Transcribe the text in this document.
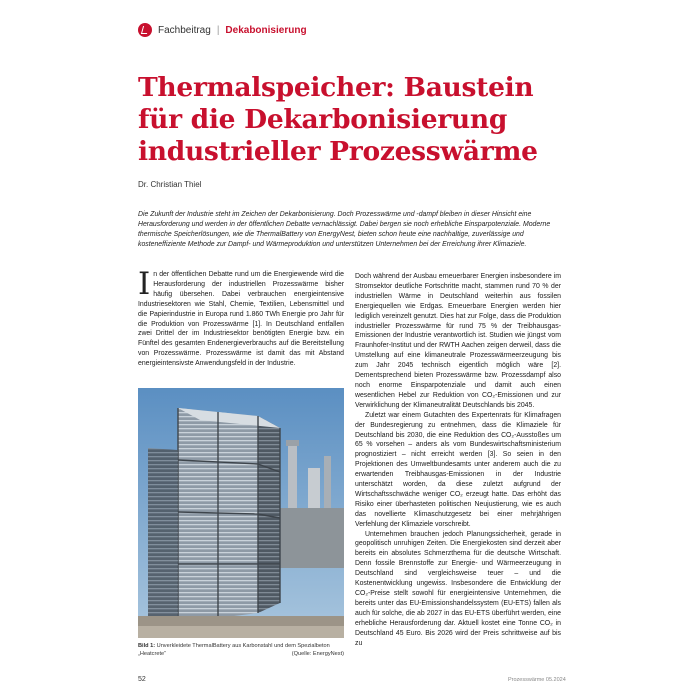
Fachbeitrag | Dekabonisierung
Thermalspeicher: Baustein
für die Dekarbonisierung
industrieller Prozesswärme
Dr. Christian Thiel

Die Zukunft der Industrie steht im Zeichen der Dekarbonisierung. Doch Prozesswärme und -dampf bleiben in dieser Hinsicht eine Herausforderung und werden in der öffentlichen Debatte vernachlässigt. Dabei bergen sie noch erhebliche Einsparpotenziale. Moderne thermische Speicherlösungen, wie die ThermalBattery von EnergyNest, bieten schon heute eine nachhaltige, zuverlässige und kosteneffiziente Methode zur Dampf- und Wärmeproduktion und unterstützen Unternehmen bei der Erreichung ihrer Klimaziele.

In der öffentlichen Debatte rund um die Energiewende wird die Herausforderung der industriellen Prozesswärme bisher häufig übersehen. Dabei verbrauchen energieintensive Industriesektoren wie Stahl, Chemie, Textilien, Lebensmittel und die Papierindustrie in Europa rund 1.860 TWh Energie pro Jahr für die Produktion von Prozesswärme [1]. In Deutschland entfallen zwei Drittel der im Industriesektor benötigten Energie bzw. ein Fünftel des gesamten Endenergieverbrauchs auf die Bereitstellung von Prozesswärme. Prozesswärme ist damit das mit Abstand energieintensivste Anwendungsfeld in der Industrie.

Bild 1: Unverkleidete ThermalBattery aus Karbonstahl und dem Spezialbeton „Heatcrete“	(Quelle: EnergyNest)

Doch während der Ausbau erneuerbarer Energien insbesondere im Stromsektor deutliche Fortschritte macht, stammen rund 70 % der industriellen Wärme in Deutschland weiterhin aus fossilen Energiequellen wie Erdgas. Erneuerbare Energien werden hier lediglich vereinzelt genutzt. Dies hat zur Folge, dass die Produktion industrieller Prozesswärme für rund 75 % der Treibhausgas-Emissionen der Industrie verantwortlich ist. Studien wie jüngst vom Fraunhofer-Institut und der RWTH Aachen zeigen derweil, dass die Umstellung auf eine klimaneutrale Prozesswärmeerzeugung bis zum Jahr 2045 technisch eigentlich möglich wäre [2]. Dementsprechend bieten Prozesswärme bzw. Prozessdampf also noch enorme Einsparpotenziale und damit auch einen wesentlichen Hebel zur Reduktion von CO₂-Emissionen und zur Verwirklichung der Klimaneutralität Deutschlands bis 2045.

Zuletzt war einem Gutachten des Expertenrats für Klimafragen der Bundesregierung zu entnehmen, dass die Klimaziele für Deutschland bis 2030, die eine Reduktion des CO₂-Ausstoßes um 65 % vorsehen – anders als vom Bundeswirtschaftsministerium prognostiziert – nicht erreicht werden [3]. So seien in den Projektionen des Umweltbundesamts unter anderem auch die zu erwartenden Treibhausgas-Emissionen in der Industrie unterschätzt worden, da diese zuletzt aufgrund der Wirtschaftsschwäche weniger CO₂ erzeugt hatte. Das erhöht das Risiko einer überhasteten politischen Neujustierung, wie es auch das novellierte Klimaschutzgesetz bei einer mehrjährigen Verfehlung der Klimaziele vorschreibt.

Unternehmen brauchen jedoch Planungssicherheit, gerade in geopolitisch unruhigen Zeiten. Die Energiekosten sind derzeit aber bereits ein absolutes Schmerzthema für die deutsche Wirtschaft. Denn fossile Brennstoffe zur Energie- und Wärmeerzeugung in Deutschland sind vergleichsweise teuer – und die Kostenentwicklung ungewiss. Insbesondere die Entwicklung der CO₂-Preise stellt sowohl für energieintensive Unternehmen, die bereits unter das EU-Emissionshandelssystem (EU-ETS) fallen als auch für solche, die ab 2027 in das EU-ETS überführt werden, eine erhebliche Herausforderung dar. Aktuell kostet eine Tonne CO₂ in Deutschland 45 Euro. Bis 2026 wird der Preis schrittweise auf bis zu

52	Prozesswärme 05.2024
